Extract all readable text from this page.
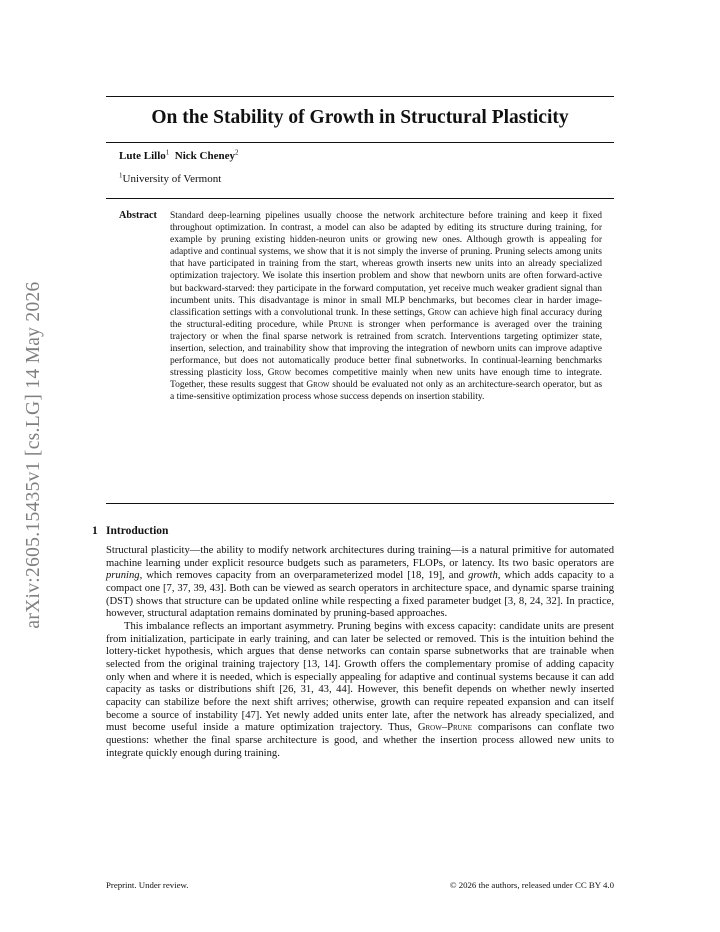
arXiv:2605.15435v1 [cs.LG] 14 May 2026
On the Stability of Growth in Structural Plasticity
Lute Lillo$^1$ Nick Cheney$^2$
$^1$University of Vermont
Abstract Standard deep-learning pipelines usually choose the network architecture before training and keep it fixed throughout optimization. In contrast, a model can also be adapted by editing its structure during training, for example by pruning existing hidden-neuron units or growing new ones. Although growth is appealing for adaptive and continual systems, we show that it is not simply the inverse of pruning. Pruning selects among units that have participated in training from the start, whereas growth inserts new units into an already specialized optimization trajectory. We isolate this insertion problem and show that newborn units are often forward-active but backward-starved: they participate in the forward computation, yet receive much weaker gradient signal than incumbent units. This disadvantage is minor in small MLP benchmarks, but becomes clear in harder image-classification settings with a convolutional trunk. In these settings, Grow can achieve high final accuracy during the structural-editing procedure, while Prune is stronger when performance is averaged over the training trajectory or when the final sparse network is retrained from scratch. Interventions targeting optimizer state, insertion, selection, and trainability show that improving the integration of newborn units can improve adaptive performance, but does not automatically produce better final subnetworks. In continual-learning benchmarks stressing plasticity loss, Grow becomes competitive mainly when new units have enough time to integrate. Together, these results suggest that Grow should be evaluated not only as an architecture-search operator, but as a time-sensitive optimization process whose success depends on insertion stability.
1 Introduction

Structural plasticity—the ability to modify network architectures during training—is a natural primitive for automated machine learning under explicit resource budgets such as parameters, FLOPs, or latency. Its two basic operators are pruning, which removes capacity from an overparameterized model [18, 19], and growth, which adds capacity to a compact one [7, 37, 39, 43]. Both can be viewed as search operators in architecture space, and dynamic sparse training (DST) shows that structure can be updated online while respecting a fixed parameter budget [3, 8, 24, 32]. In practice, however, structural adaptation remains dominated by pruning-based approaches.

This imbalance reflects an important asymmetry. Pruning begins with excess capacity: candidate units are present from initialization, participate in early training, and can later be selected or removed. This is the intuition behind the lottery-ticket hypothesis, which argues that dense networks can contain sparse subnetworks that are trainable when selected from the original training trajectory [13, 14]. Growth offers the complementary promise of adding capacity only when and where it is needed, which is especially appealing for adaptive and continual systems because it can add capacity as tasks or distributions shift [26, 31, 43, 44]. However, this benefit depends on whether newly inserted capacity can stabilize before the next shift arrives; otherwise, growth can require repeated expansion and can itself become a source of instability [47]. Yet newly added units enter late, after the network has already specialized, and must become useful inside a mature optimization trajectory. Thus, Grow–Prune comparisons can conflate two questions: whether the final sparse architecture is good, and whether the insertion process allowed new units to integrate quickly enough during training.

Preprint. Under review.	© 2026 the authors, released under CC BY 4.0
